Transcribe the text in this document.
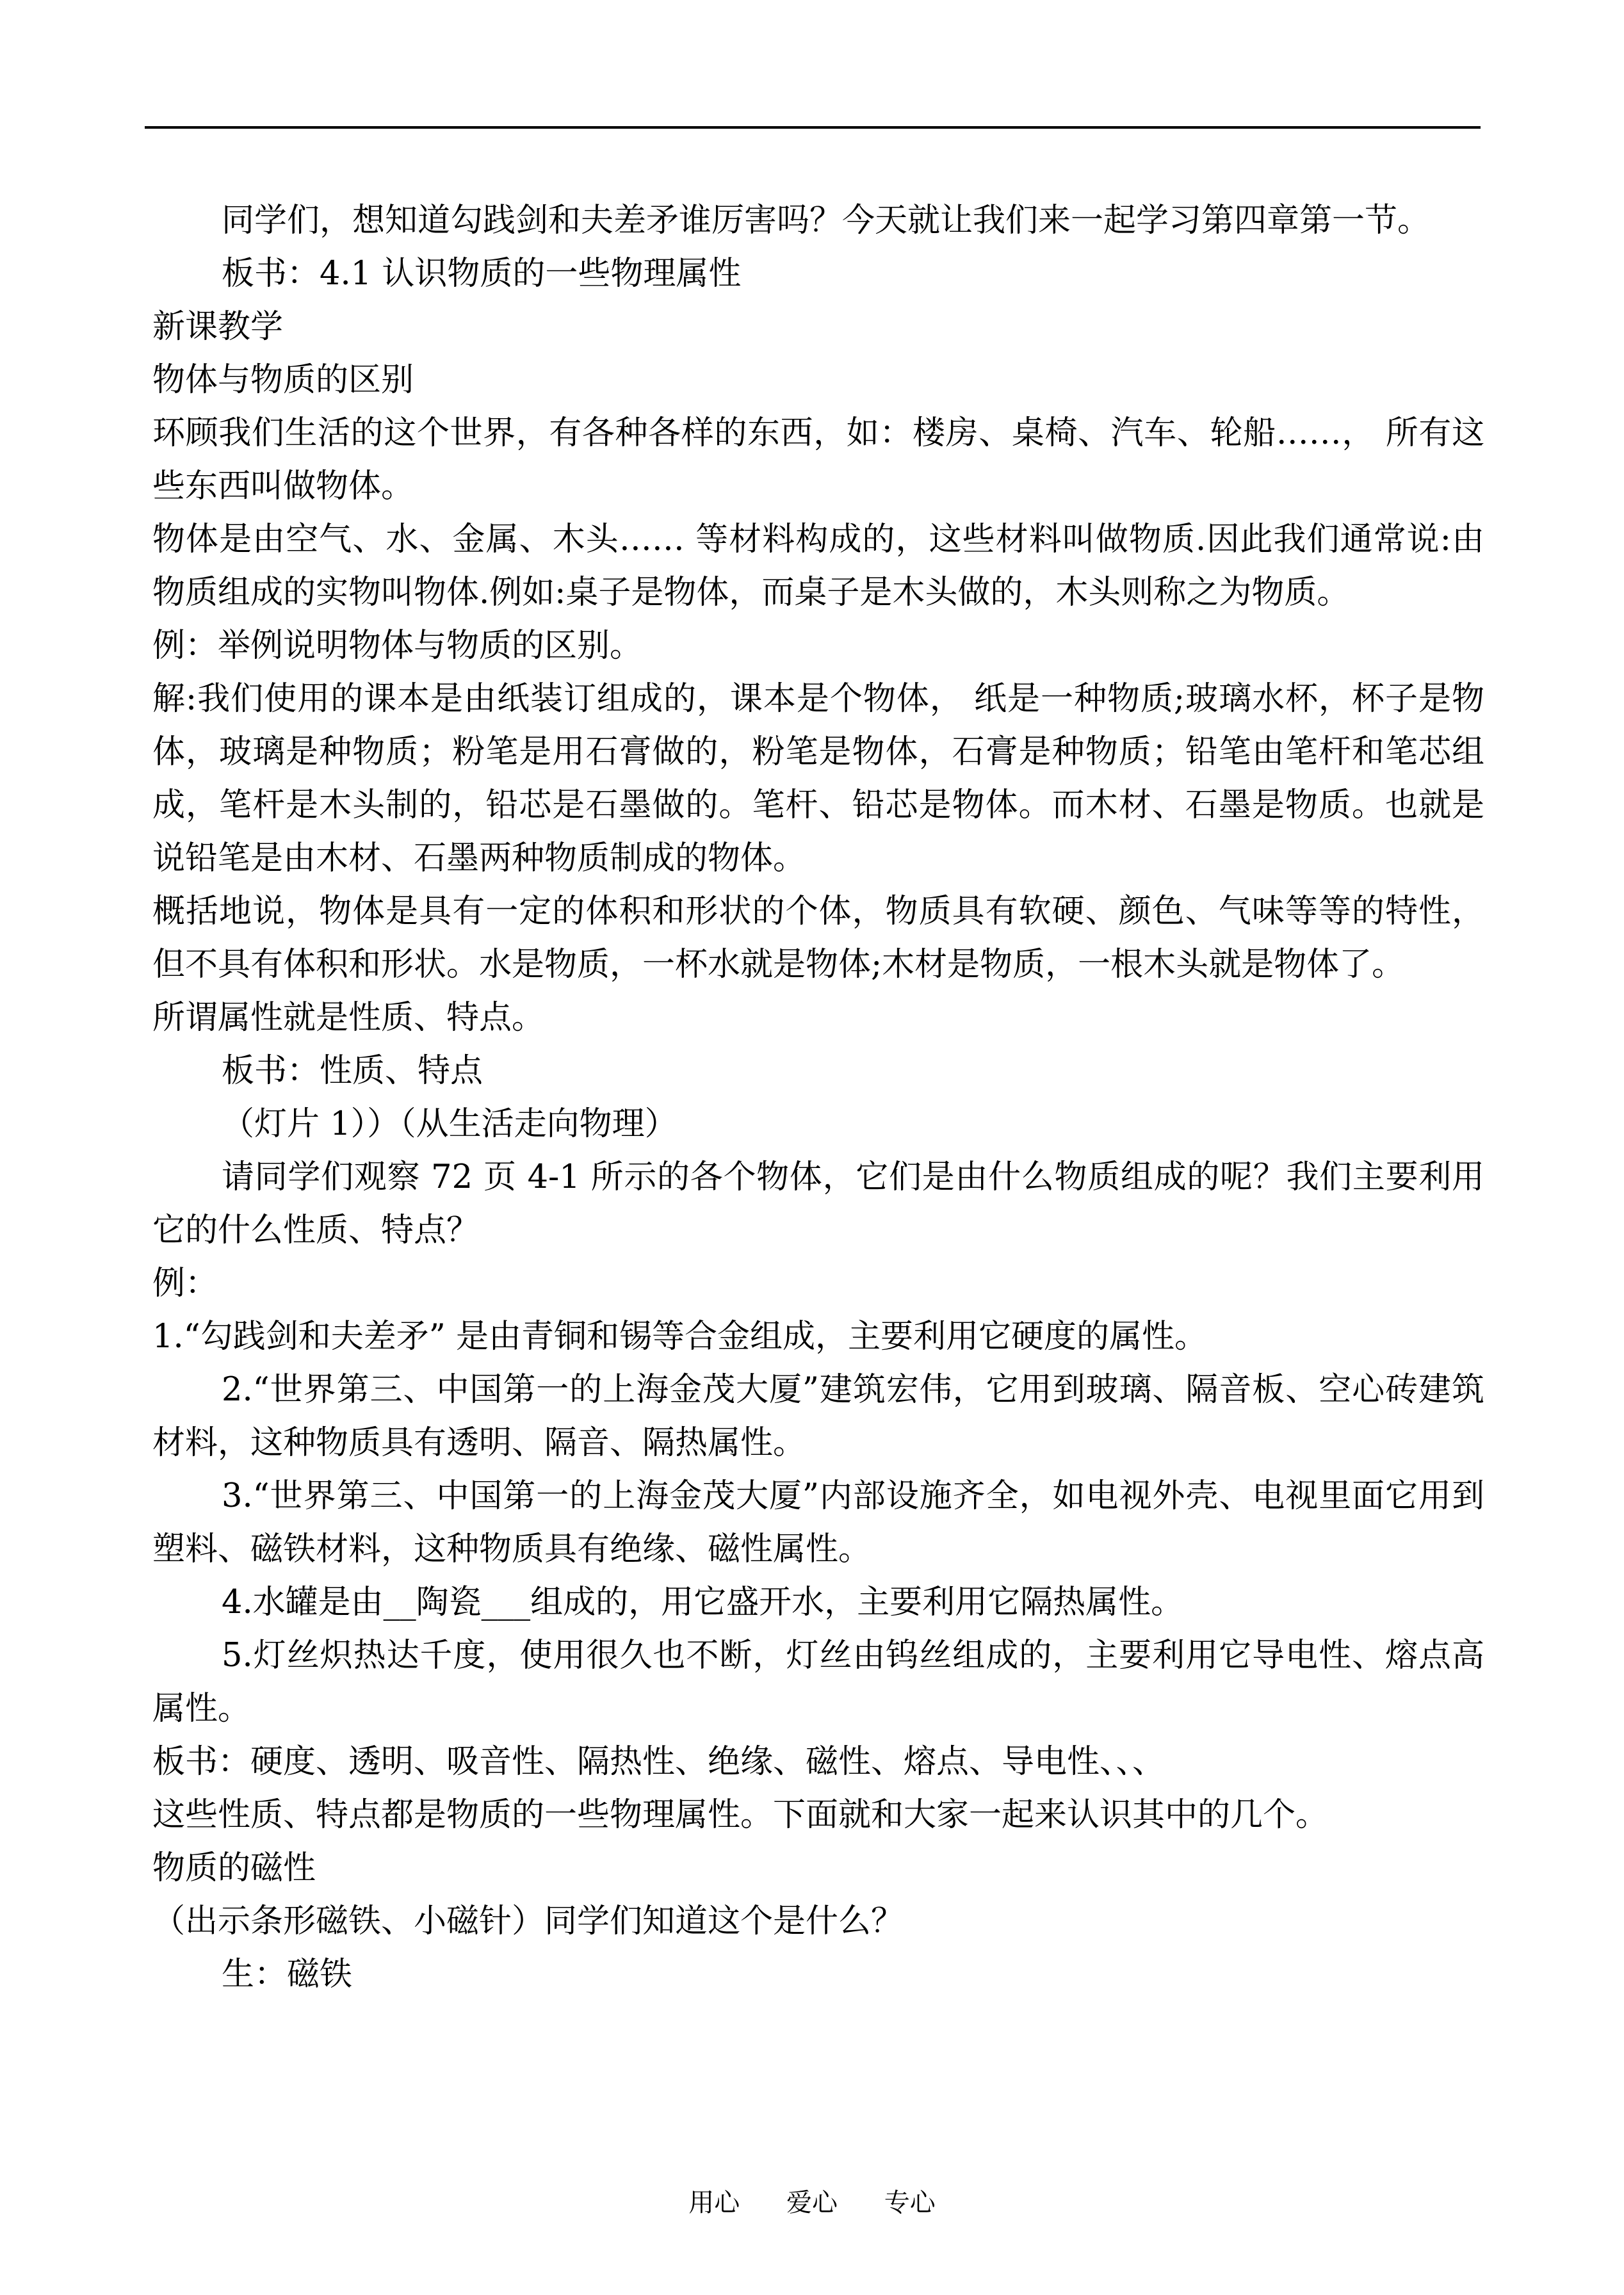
同学们，想知道勾践剑和夫差矛谁厉害吗？今天就让我们来一起学习第四章第一节。

板书：4.1 认识物质的一些物理属性

新课教学

物体与物质的区别

环顾我们生活的这个世界，有各种各样的东西，如：楼房、桌椅、汽车、轮船……， 所有这些东西叫做物体。

物体是由空气、水、金属、木头…… 等材料构成的，这些材料叫做物质.因此我们通常说:由物质组成的实物叫物体.例如:桌子是物体，而桌子是木头做的，木头则称之为物质。

例：举例说明物体与物质的区别。

解:我们使用的课本是由纸装订组成的，课本是个物体， 纸是一种物质;玻璃水杯，杯子是物体，玻璃是种物质；粉笔是用石膏做的，粉笔是物体，石膏是种物质；铅笔由笔杆和笔芯组成，笔杆是木头制的，铅芯是石墨做的。笔杆、铅芯是物体。而木材、石墨是物质。也就是说铅笔是由木材、石墨两种物质制成的物体。

概括地说，物体是具有一定的体积和形状的个体，物质具有软硬、颜色、气味等等的特性，但不具有体积和形状。水是物质，一杯水就是物体;木材是物质，一根木头就是物体了。

所谓属性就是性质、特点。

板书：性质、特点

（灯片 1））（从生活走向物理）

请同学们观察 72 页 4-1 所示的各个物体，它们是由什么物质组成的呢？我们主要利用它的什么性质、特点？

例：

1.“勾践剑和夫差矛” 是由青铜和锡等合金组成，主要利用它硬度的属性。

2.“世界第三、中国第一的上海金茂大厦”建筑宏伟，它用到玻璃、隔音板、空心砖建筑材料，这种物质具有透明、隔音、隔热属性。

3.“世界第三、中国第一的上海金茂大厦”内部设施齐全，如电视外壳、电视里面它用到塑料、磁铁材料，这种物质具有绝缘、磁性属性。

4.水罐是由__陶瓷___组成的，用它盛开水，主要利用它隔热属性。

5.灯丝炽热达千度，使用很久也不断，灯丝由钨丝组成的，主要利用它导电性、熔点高属性。

板书：硬度、透明、吸音性、隔热性、绝缘、磁性、熔点、导电性、、、

这些性质、特点都是物质的一些物理属性。下面就和大家一起来认识其中的几个。

物质的磁性

（出示条形磁铁、小磁针）同学们知道这个是什么？

生：磁铁

用心 爱心 专心
